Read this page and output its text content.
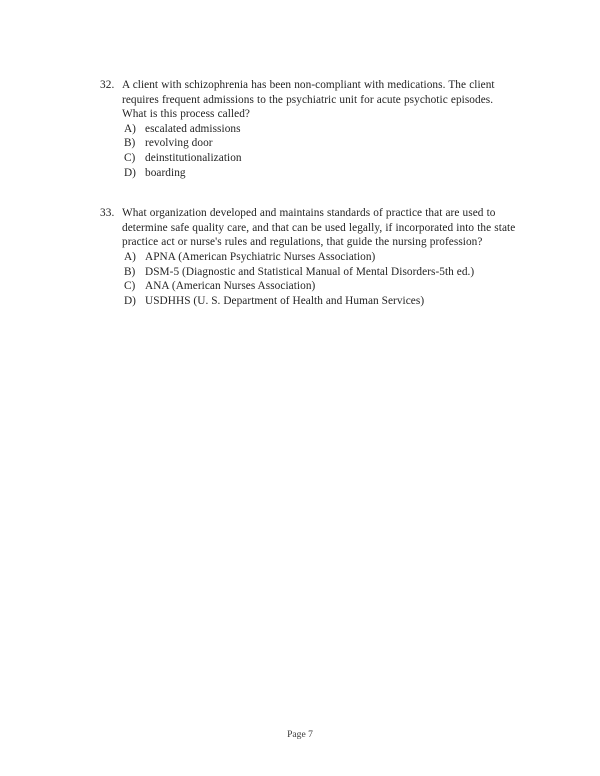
32. A client with schizophrenia has been non-compliant with medications. The client requires frequent admissions to the psychiatric unit for acute psychotic episodes. What is this process called?
A) escalated admissions
B) revolving door
C) deinstitutionalization
D) boarding
33. What organization developed and maintains standards of practice that are used to determine safe quality care, and that can be used legally, if incorporated into the state practice act or nurse's rules and regulations, that guide the nursing profession?
A) APNA (American Psychiatric Nurses Association)
B) DSM-5 (Diagnostic and Statistical Manual of Mental Disorders-5th ed.)
C) ANA (American Nurses Association)
D) USDHHS (U. S. Department of Health and Human Services)
Page 7
